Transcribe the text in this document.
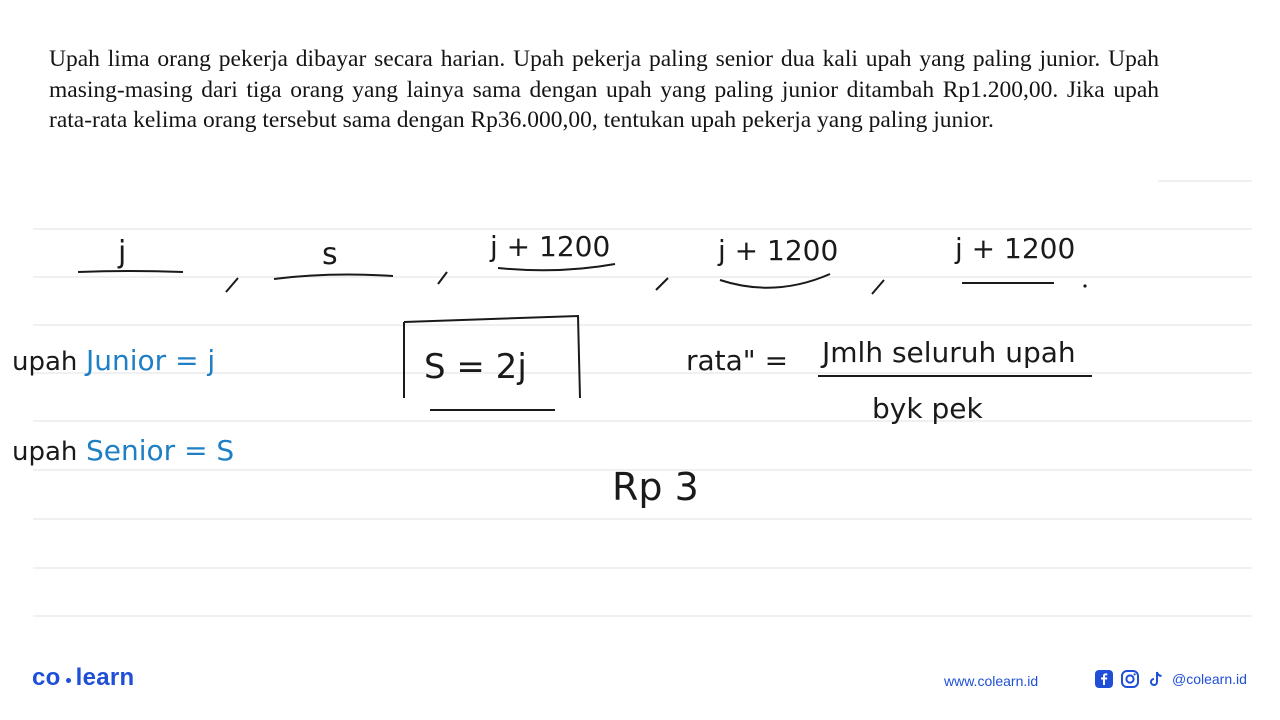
Upah lima orang pekerja dibayar secara harian. Upah pekerja paling senior dua kali upah yang paling junior. Upah masing-masing dari tiga orang yang lainya sama dengan upah yang paling junior ditambah Rp1.200,00. Jika upah rata-rata kelima orang tersebut sama dengan Rp36.000,00, tentukan upah pekerja yang paling junior.

j	s	j + 1200	j + 1200	j + 1200
upah Junior = j
upah Senior = S
S = 2j	rata" = Jmlh seluruh upah
byk pek
Rp 3
co learn	www.colearn.id	@colearn.id
